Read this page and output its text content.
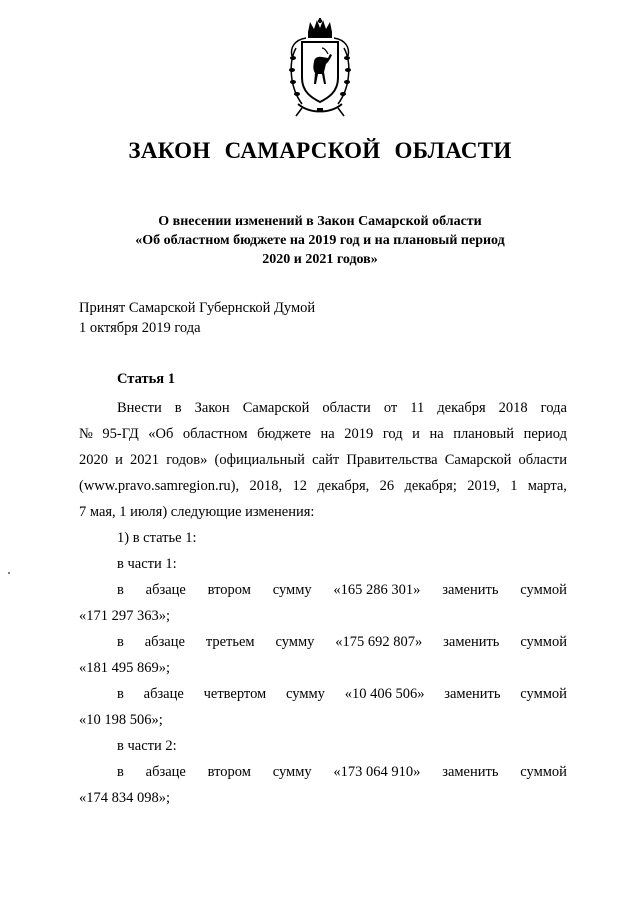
ЗАКОН САМАРСКОЙ ОБЛАСТИ
О внесении изменений в Закон Самарской области
«Об областном бюджете на 2019 год и на плановый период
2020 и 2021 годов»
Принят Самарской Губернской Думой
1 октября 2019 года
Статья 1
Внести в Закон Самарской области от 11 декабря 2018 года
№ 95-ГД «Об областном бюджете на 2019 год и на плановый период
2020 и 2021 годов» (официальный сайт Правительства Самарской области
(www.pravo.samregion.ru), 2018, 12 декабря, 26 декабря; 2019, 1 марта,
7 мая, 1 июля) следующие изменения:
1) в статье 1:
в части 1:
в абзаце втором сумму «165 286 301» заменить суммой
«171 297 363»;
в абзаце третьем сумму «175 692 807» заменить суммой
«181 495 869»;
в абзаце четвертом сумму «10 406 506» заменить суммой
«10 198 506»;
в части 2:
в абзаце втором сумму «173 064 910» заменить суммой
«174 834 098»;
